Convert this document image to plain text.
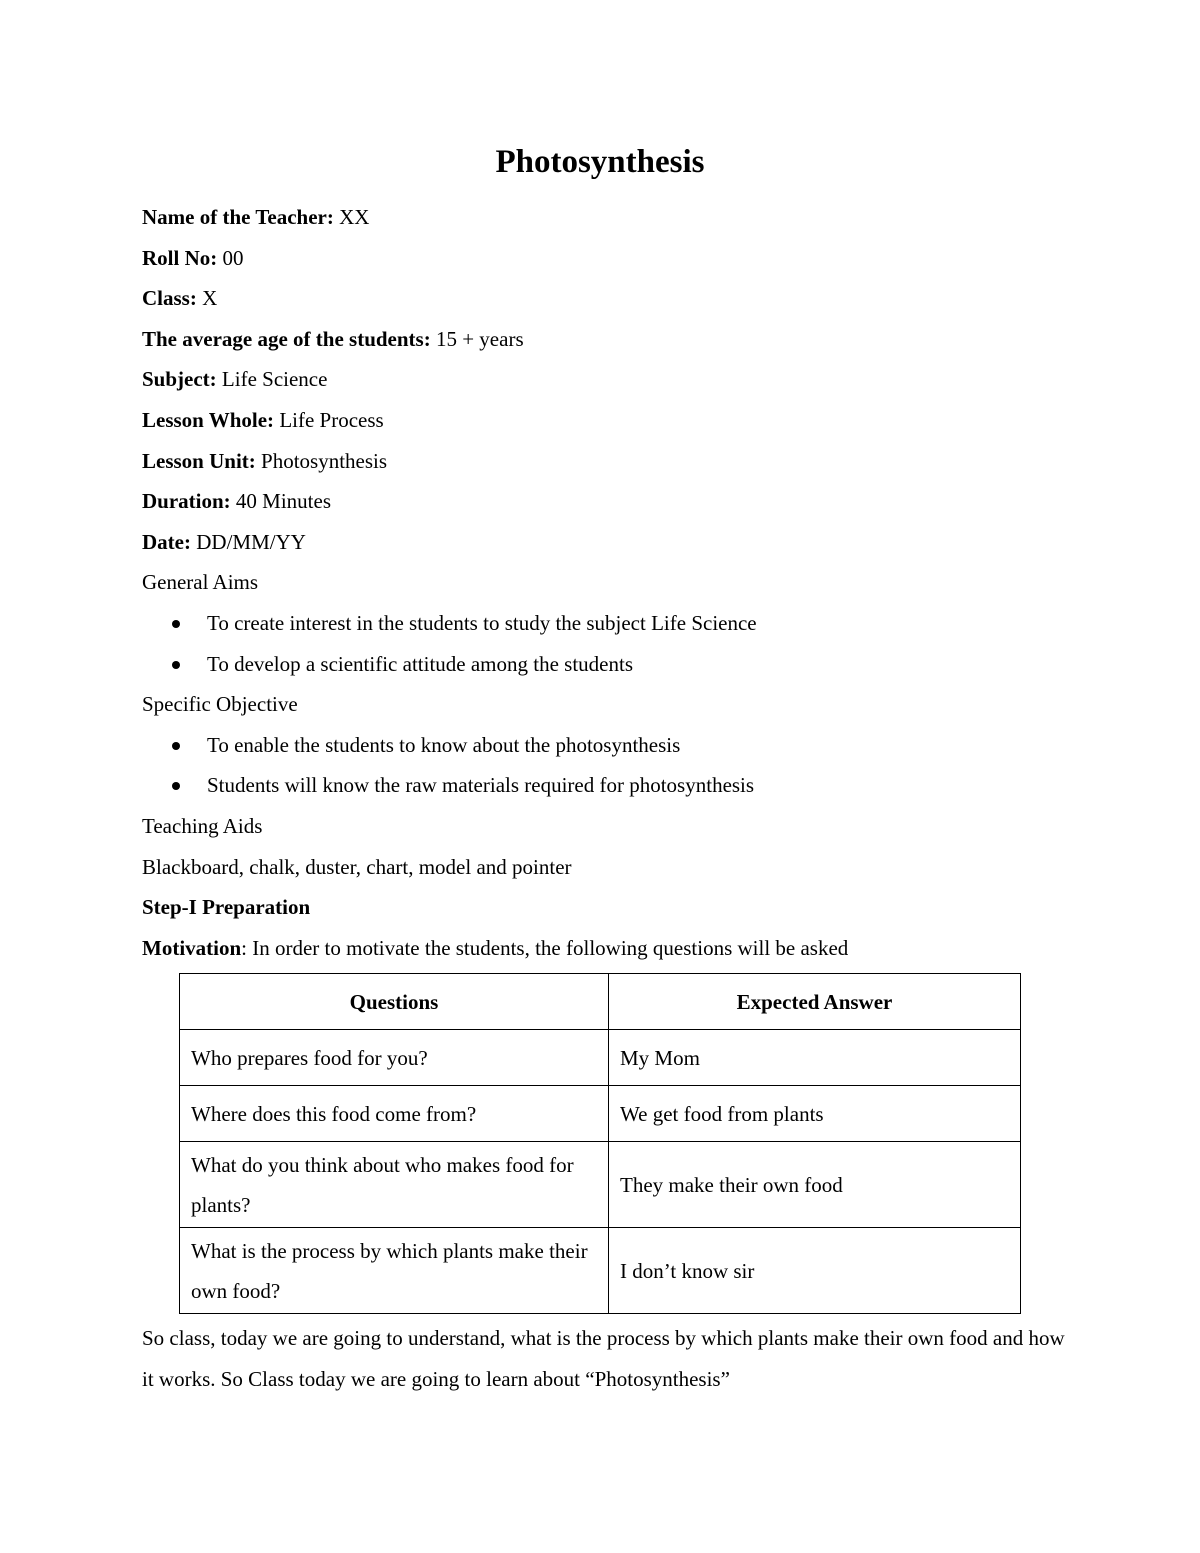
Photosynthesis
Name of the Teacher: XX
Roll No: 00
Class: X
The average age of the students: 15 + years
Subject: Life Science
Lesson Whole: Life Process
Lesson Unit: Photosynthesis
Duration: 40 Minutes
Date: DD/MM/YY
General Aims
To create interest in the students to study the subject Life Science
To develop a scientific attitude among the students
Specific Objective
To enable the students to know about the photosynthesis
Students will know the raw materials required for photosynthesis
Teaching Aids
Blackboard, chalk, duster, chart, model and pointer
Step-I Preparation
Motivation: In order to motivate the students, the following questions will be asked
Questions	Expected Answer
Who prepares food for you?	My Mom
Where does this food come from?	We get food from plants
What do you think about who makes food for plants?	They make their own food
What is the process by which plants make their own food?	I don’t know sir
So class, today we are going to understand, what is the process by which plants make their own food and how it works. So Class today we are going to learn about “Photosynthesis”
